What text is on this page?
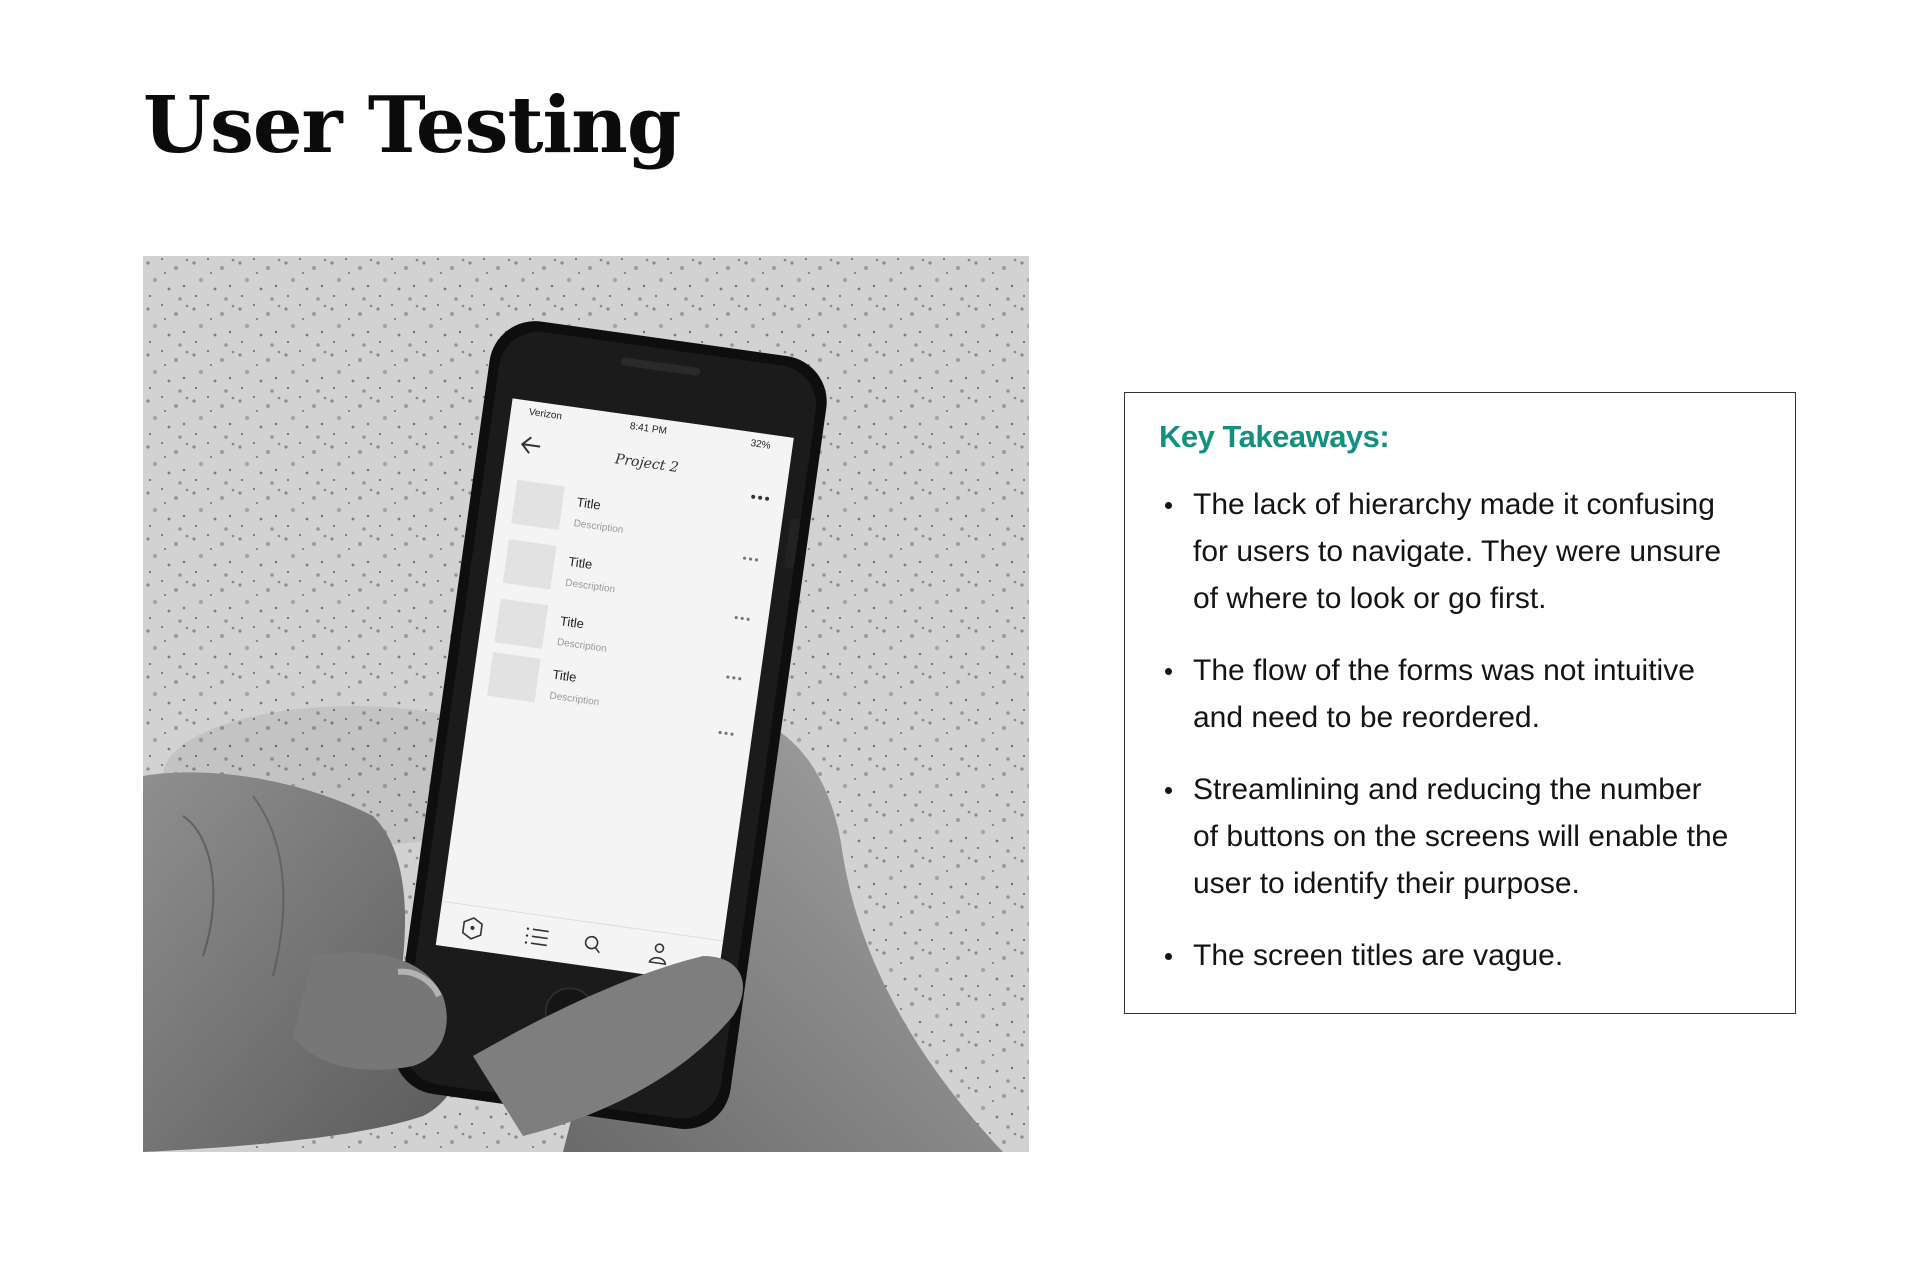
User Testing
Verizon
8:41 PM
32%
Project 2
Title
Description
Title
Description
Title
Description
Title
Description
Key Takeaways:
The lack of hierarchy made it confusing for users to navigate. They were unsure of where to look or go first.
The flow of the forms was not intuitive and need to be reordered.
Streamlining and reducing the number of buttons on the screens will enable the user to identify their purpose.
The screen titles are vague.
